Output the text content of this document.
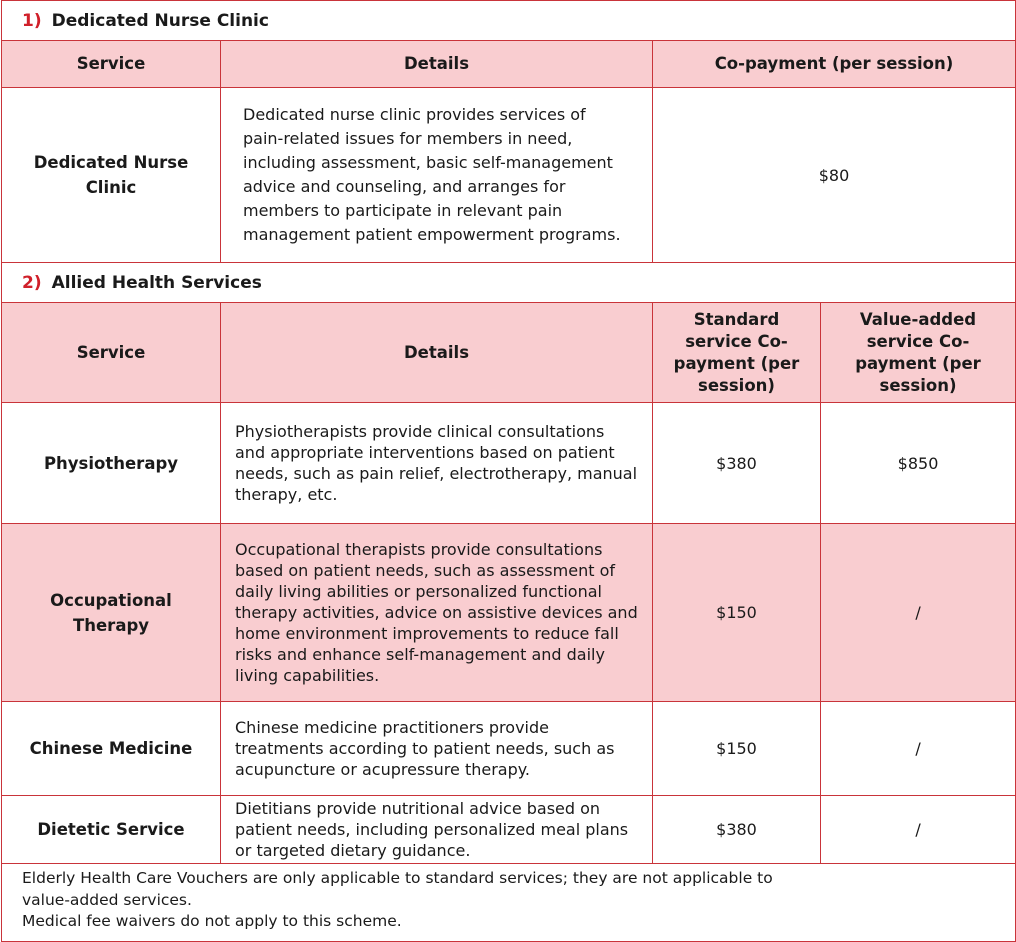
1) Dedicated Nurse Clinic			
Service	Details	Co-payment (per session)	
Dedicated Nurse Clinic	Dedicated nurse clinic provides services of pain-related issues for members in need, including assessment, basic self-management advice and counseling, and arranges for members to participate in relevant pain management patient empowerment programs.	$80	
2) Allied Health Services			
Service	Details	Standard service Co-payment (per session)	Value-added service Co-payment (per session)
Physiotherapy	Physiotherapists provide clinical consultations and appropriate interventions based on patient needs, such as pain relief, electrotherapy, manual therapy, etc.	$380	$850
Occupational Therapy	Occupational therapists provide consultations based on patient needs, such as assessment of daily living abilities or personalized functional therapy activities, advice on assistive devices and home environment improvements to reduce fall risks and enhance self-management and daily living capabilities.	$150	/
Chinese Medicine	Chinese medicine practitioners provide treatments according to patient needs, such as acupuncture or acupressure therapy.	$150	/
Dietetic Service	Dietitians provide nutritional advice based on patient needs, including personalized meal plans or targeted dietary guidance.	$380	/

Elderly Health Care Vouchers are only applicable to standard services; they are not applicable to value-added services.
Medical fee waivers do not apply to this scheme.			
